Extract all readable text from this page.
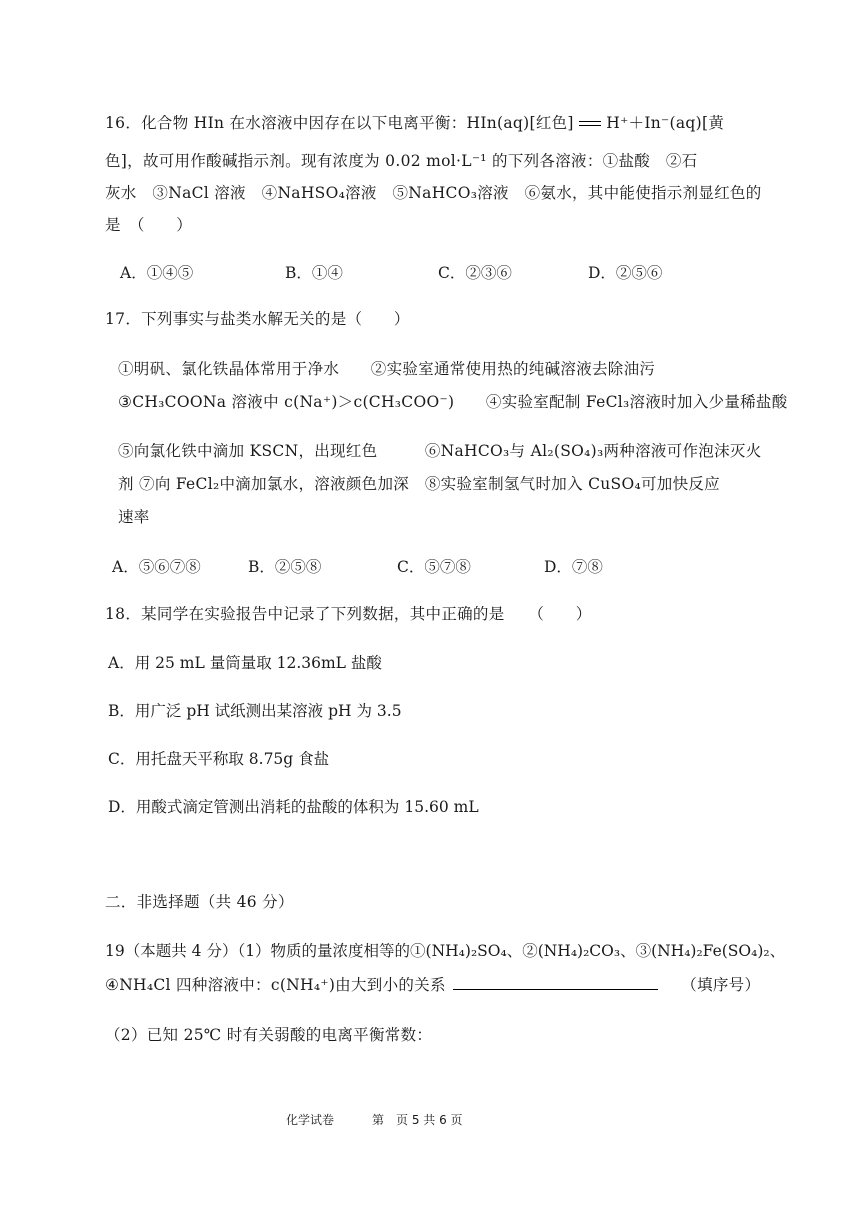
16．化合物 HIn 在水溶液中因存在以下电离平衡：HIn(aq)[红色] H⁺＋In⁻(aq)[黄
色]，故可用作酸碱指示剂。现有浓度为 0.02 mol·L⁻¹ 的下列各溶液：①盐酸　②石
灰水　③NaCl 溶液　④NaHSO₄溶液　⑤NaHCO₃溶液　⑥氨水，其中能使指示剂显红色的
是　（　　）
A．①④⑤	B．①④	C．②③⑥	D．②⑤⑥
17．下列事实与盐类水解无关的是（　　）
①明矾、氯化铁晶体常用于净水　　②实验室通常使用热的纯碱溶液去除油污
③CH₃COONa 溶液中 c(Na⁺)＞c(CH₃COO⁻)　　④实验室配制 FeCl₃溶液时加入少量稀盐酸
⑤向氯化铁中滴加 KSCN，出现红色　　　⑥NaHCO₃与 Al₂(SO₄)₃两种溶液可作泡沫灭火
剂 ⑦向 FeCl₂中滴加氯水，溶液颜色加深　⑧实验室制氢气时加入 CuSO₄可加快反应
速率
A．⑤⑥⑦⑧	B．②⑤⑧	C．⑤⑦⑧	D．⑦⑧
18．某同学在实验报告中记录了下列数据，其中正确的是　　（　　）
A．用 25 mL 量筒量取 12.36mL 盐酸
B．用广泛 pH 试纸测出某溶液 pH 为 3.5
C．用托盘天平称取 8.75g 食盐
D．用酸式滴定管测出消耗的盐酸的体积为 15.60 mL
二．非选择题（共 46 分）
19（本题共 4 分）（1）物质的量浓度相等的①(NH₄)₂SO₄、②(NH₄)₂CO₃、③(NH₄)₂Fe(SO₄)₂、
④NH₄Cl 四种溶液中：c(NH₄⁺)由大到小的关系	（填序号）
（2）已知 25℃ 时有关弱酸的电离平衡常数：
化学试卷	第　页 5 共 6 页
